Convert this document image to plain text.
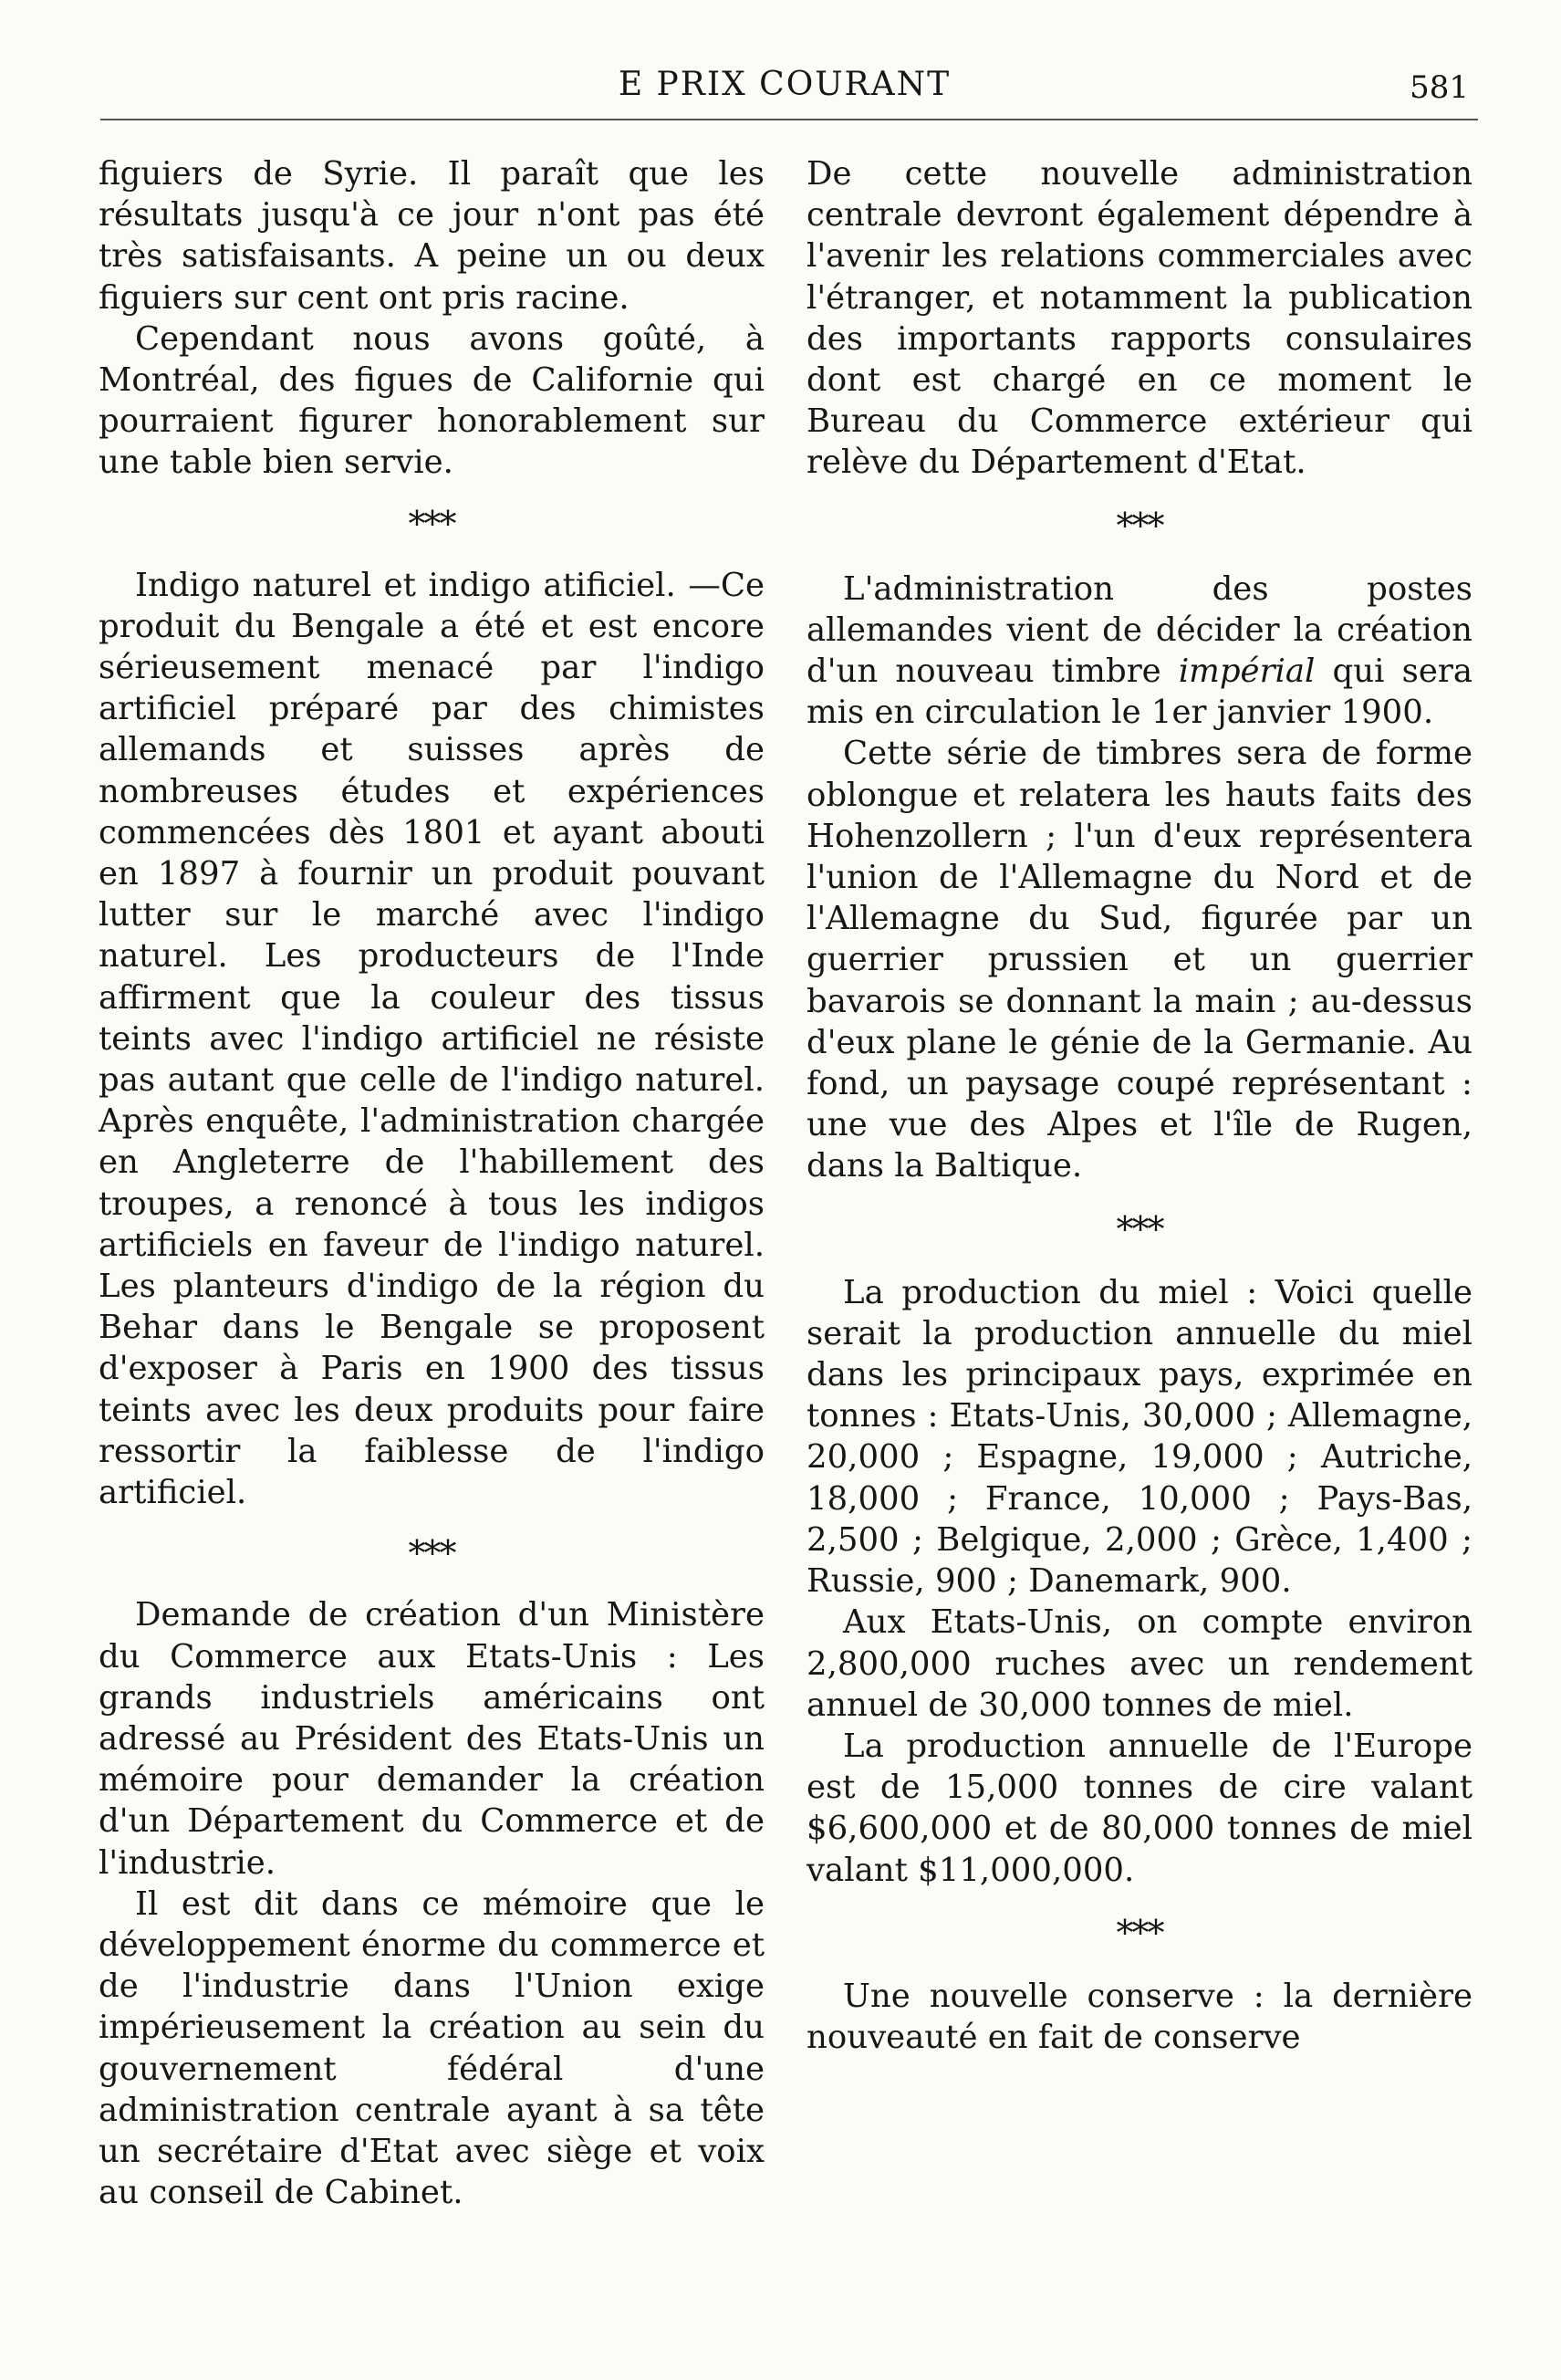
E PRIX COURANT	581

figuiers de Syrie. Il paraît que les résultats jusqu'à ce jour n'ont pas été très satisfaisants. A peine un ou deux figuiers sur cent ont pris racine.

Cependant nous avons goûté, à Montréal, des figues de Californie qui pourraient figurer honorablement sur une table bien servie.

***

Indigo naturel et indigo atificiel. —Ce produit du Bengale a été et est encore sérieusement menacé par l'indigo artificiel préparé par des chimistes allemands et suisses après de nombreuses études et expériences commencées dès 1801 et ayant abouti en 1897 à fournir un produit pouvant lutter sur le marché avec l'indigo naturel. Les producteurs de l'Inde affirment que la couleur des tissus teints avec l'indigo artificiel ne résiste pas autant que celle de l'indigo naturel. Après enquête, l'administration chargée en Angleterre de l'habillement des troupes, a renoncé à tous les indigos artificiels en faveur de l'indigo naturel. Les planteurs d'indigo de la région du Behar dans le Bengale se proposent d'exposer à Paris en 1900 des tissus teints avec les deux produits pour faire ressortir la faiblesse de l'indigo artificiel.

***

Demande de création d'un Ministère du Commerce aux Etats-Unis : Les grands industriels américains ont adressé au Président des Etats-Unis un mémoire pour demander la création d'un Département du Commerce et de l'industrie.

Il est dit dans ce mémoire que le développement énorme du commerce et de l'industrie dans l'Union exige impérieusement la création au sein du gouvernement fédéral d'une administration centrale ayant à sa tête un secrétaire d'Etat avec siège et voix au conseil de Cabinet.

De cette nouvelle administration centrale devront également dépendre à l'avenir les relations commerciales avec l'étranger, et notamment la publication des importants rapports consulaires dont est chargé en ce moment le Bureau du Commerce extérieur qui relève du Département d'Etat.

***

L'administration des postes allemandes vient de décider la création d'un nouveau timbre impérial qui sera mis en circulation le 1er janvier 1900.

Cette série de timbres sera de forme oblongue et relatera les hauts faits des Hohenzollern ; l'un d'eux représentera l'union de l'Allemagne du Nord et de l'Allemagne du Sud, figurée par un guerrier prussien et un guerrier bavarois se donnant la main ; au-dessus d'eux plane le génie de la Germanie. Au fond, un paysage coupé représentant : une vue des Alpes et l'île de Rugen, dans la Baltique.

***

La production du miel : Voici quelle serait la production annuelle du miel dans les principaux pays, exprimée en tonnes : Etats-Unis, 30,000 ; Allemagne, 20,000 ; Espagne, 19,000 ; Autriche, 18,000 ; France, 10,000 ; Pays-Bas, 2,500 ; Belgique, 2,000 ; Grèce, 1,400 ; Russie, 900 ; Danemark, 900.

Aux Etats-Unis, on compte environ 2,800,000 ruches avec un rendement annuel de 30,000 tonnes de miel.

La production annuelle de l'Europe est de 15,000 tonnes de cire valant $6,600,000 et de 80,000 tonnes de miel valant $11,000,000.

***

Une nouvelle conserve : la dernière nouveauté en fait de conserve
